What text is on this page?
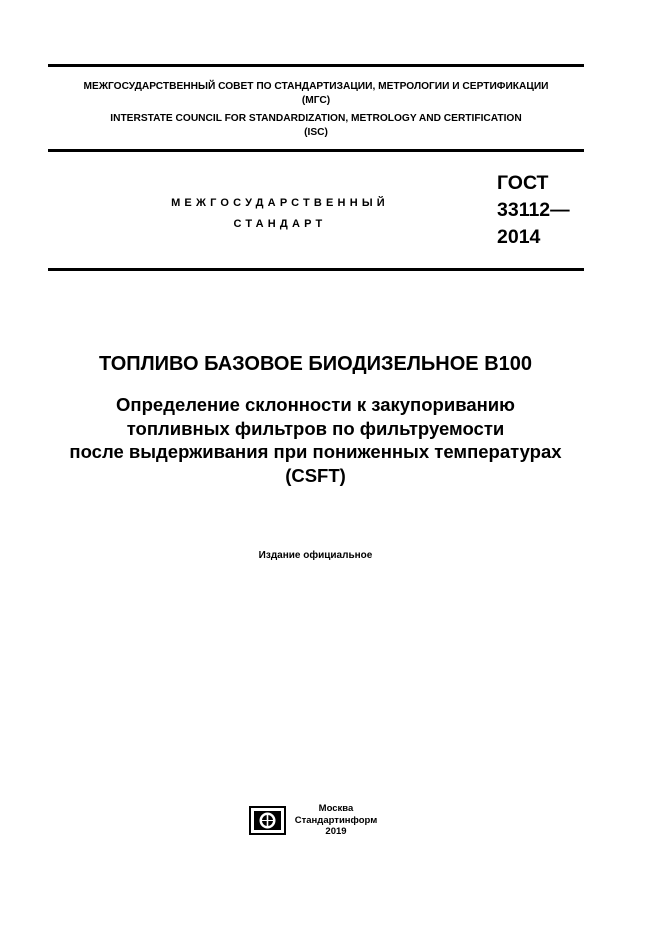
МЕЖГОСУДАРСТВЕННЫЙ СОВЕТ ПО СТАНДАРТИЗАЦИИ, МЕТРОЛОГИИ И СЕРТИФИКАЦИИ
(МГС)
INTERSTATE COUNCIL FOR STANDARDIZATION, METROLOGY AND CERTIFICATION
(ISC)
МЕЖГОСУДАРСТВЕННЫЙ
СТАНДАРТ
ГОСТ
33112—
2014
ТОПЛИВО БАЗОВОЕ БИОДИЗЕЛЬНОЕ B100
Определение склонности к закупориванию
топливных фильтров по фильтруемости
после выдерживания при пониженных температурах
(CSFT)
Издание официальное
Москва
Стандартинформ
2019
